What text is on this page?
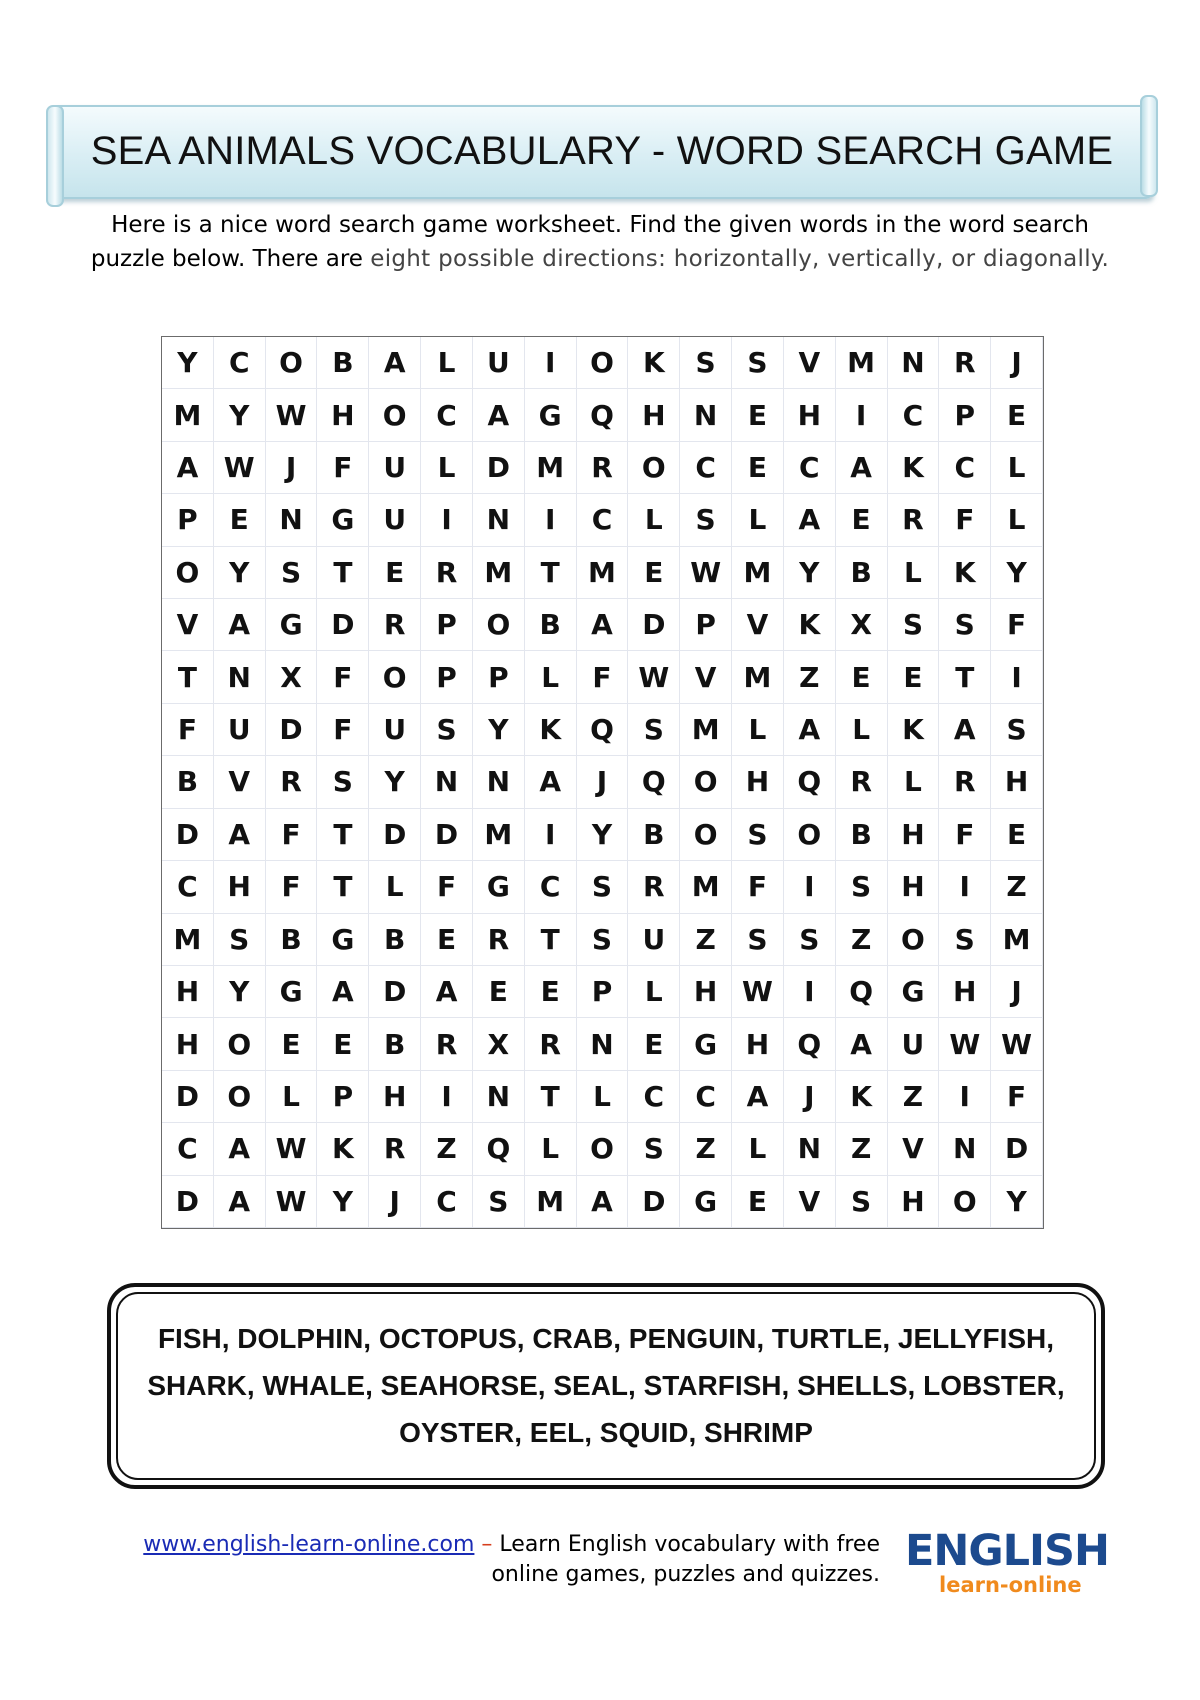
SEA ANIMALS VOCABULARY - WORD SEARCH GAME
Here is a nice word search game worksheet. Find the given words in the word search
puzzle below. There are eight possible directions: horizontally, vertically, or diagonally.
Y	C	O	B	A	L	U	I	O	K	S	S	V M N	R	J
M Y W H	O	C	A	G	Q	H	N	E	H	I	C	P	E
A W	J	F	U	L	D M R	O	C	E	C	A	K	C	L
P	E	N	G	U	I	N	I	C	L	S	L	A	E	R	F	L
O	Y	S	T	E	R M	T	M	E W M Y	B	L	K	Y
V	A	G	D	R	P	O	B	A	D	P	V	K	X	S	S	F
T	N	X	F	O	P	P	L	F W V M Z	E	E	T	I
F	U	D	F	U	S	Y	K	Q	S M	L	A	L	K	A	S
B	V	R	S	Y	N	N	A	J	Q	O	H	Q	R	L	R	H
D	A	F	T	D	D M	I	Y	B	O	S	O	B	H	F	E
C	H	F	T	L	F	G	C	S	R M	F	I	S	H	I	Z
M S	B	G	B	E	R	T	S	U	Z	S	S	Z	O	S M
H	Y	G	A	D	A	E	E	P	L	H W	I	Q	G	H	J
H	O	E	E	B	R	X	R	N	E	G	H	Q	A	U W W
D	O	L	P	H	I	N	T	L	C	C	A	J	K	Z	I	F
C	A W K	R	Z	Q	L	O	S	Z	L	N	Z	V	N	D
D	A W Y	J	C	S M A	D	G	E	V	S	H	O	Y
FISH, DOLPHIN, OCTOPUS, CRAB, PENGUIN, TURTLE, JELLYFISH,
SHARK, WHALE, SEAHORSE, SEAL, STARFISH, SHELLS, LOBSTER,
OYSTER, EEL, SQUID, SHRIMP
www.english-learn-online.com – Learn English vocabulary with free
online games, puzzles and quizzes. ENGLISH
learn-online
